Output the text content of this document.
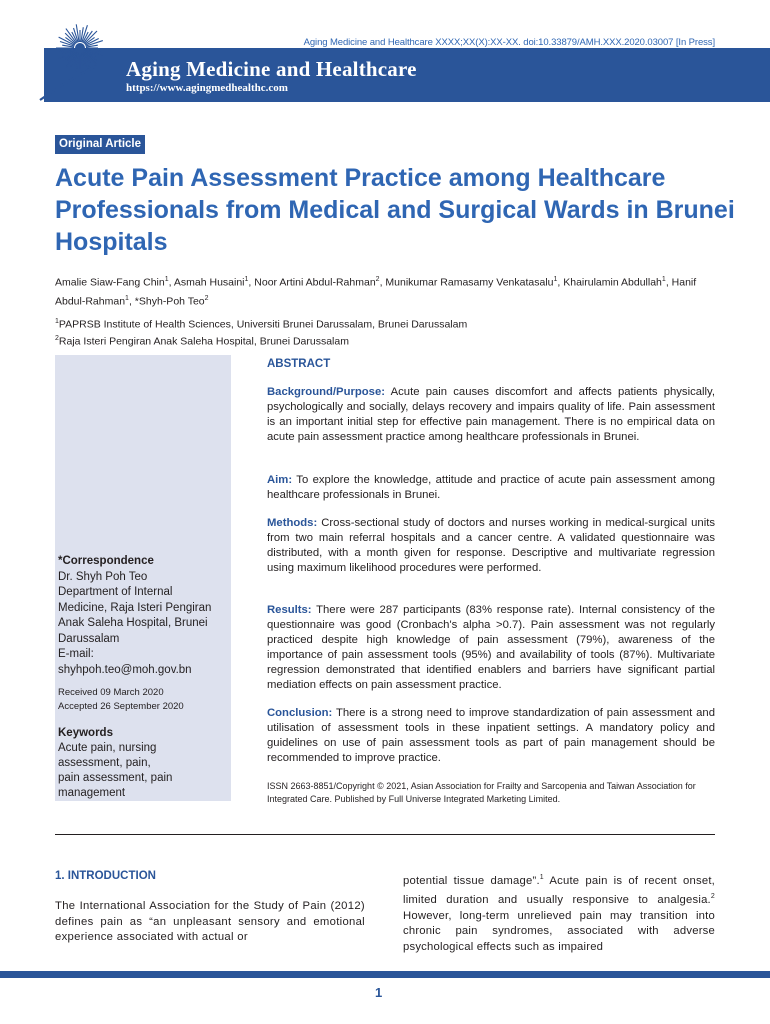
Aging Medicine and Healthcare XXXX;XX(X):XX-XX. doi:10.33879/AMH.XXX.2020.03007 [In Press]
Aging Medicine and Healthcare
https://www.agingmedhealthc.com
Original Article
Acute Pain Assessment Practice among Healthcare Professionals from Medical and Surgical Wards in Brunei Hospitals
Amalie Siaw-Fang Chin$^1$, Asmah Husaini$^1$, Noor Artini Abdul-Rahman$^2$, Munikumar Ramasamy Venkatasalu$^1$, Khairulamin Abdullah$^1$, Hanif Abdul-Rahman$^1$, *Shyh-Poh Teo$^2$
$^1$PAPRSB Institute of Health Sciences, Universiti Brunei Darussalam, Brunei Darussalam
$^2$Raja Isteri Pengiran Anak Saleha Hospital, Brunei Darussalam
*Correspondence
Dr. Shyh Poh Teo
Department of Internal
Medicine, Raja Isteri Pengiran
Anak Saleha Hospital, Brunei
Darussalam
E-mail:
shyhpoh.teo@moh.gov.bn
Received 09 March 2020
Accepted 26 September 2020
Keywords
Acute pain, nursing
assessment, pain,
pain assessment, pain
management
ABSTRACT
Background/Purpose: Acute pain causes discomfort and affects patients physically, psychologically and socially, delays recovery and impairs quality of life. Pain assessment is an important initial step for effective pain management. There is no empirical data on acute pain assessment practice among healthcare professionals in Brunei.
Aim: To explore the knowledge, attitude and practice of acute pain assessment among healthcare professionals in Brunei.
Methods: Cross-sectional study of doctors and nurses working in medical-surgical units from two main referral hospitals and a cancer centre. A validated questionnaire was distributed, with a month given for response. Descriptive and multivariate regression using maximum likelihood procedures were performed.
Results: There were 287 participants (83% response rate). Internal consistency of the questionnaire was good (Cronbach's alpha >0.7). Pain assessment was not regularly practiced despite high knowledge of pain assessment (79%), awareness of the importance of pain assessment tools (95%) and availability of tools (87%). Multivariate regression demonstrated that identified enablers and barriers have significant partial mediation effects on pain assessment practice.
Conclusion: There is a strong need to improve standardization of pain assessment and utilisation of assessment tools in these inpatient settings. A mandatory policy and guidelines on use of pain assessment tools as part of pain management should be recommended to improve practice.
ISSN 2663-8851/Copyright © 2021, Asian Association for Frailty and Sarcopenia and Taiwan Association for Integrated Care. Published by Full Universe Integrated Marketing Limited.
1. INTRODUCTION
The International Association for the Study of Pain (2012) defines pain as “an unpleasant sensory and emotional experience associated with actual or
potential tissue damage”.$^1$ Acute pain is of recent onset, limited duration and usually responsive to analgesia.$^2$ However, long-term unrelieved pain may transition into chronic pain syndromes, associated with adverse psychological effects such as impaired
1
